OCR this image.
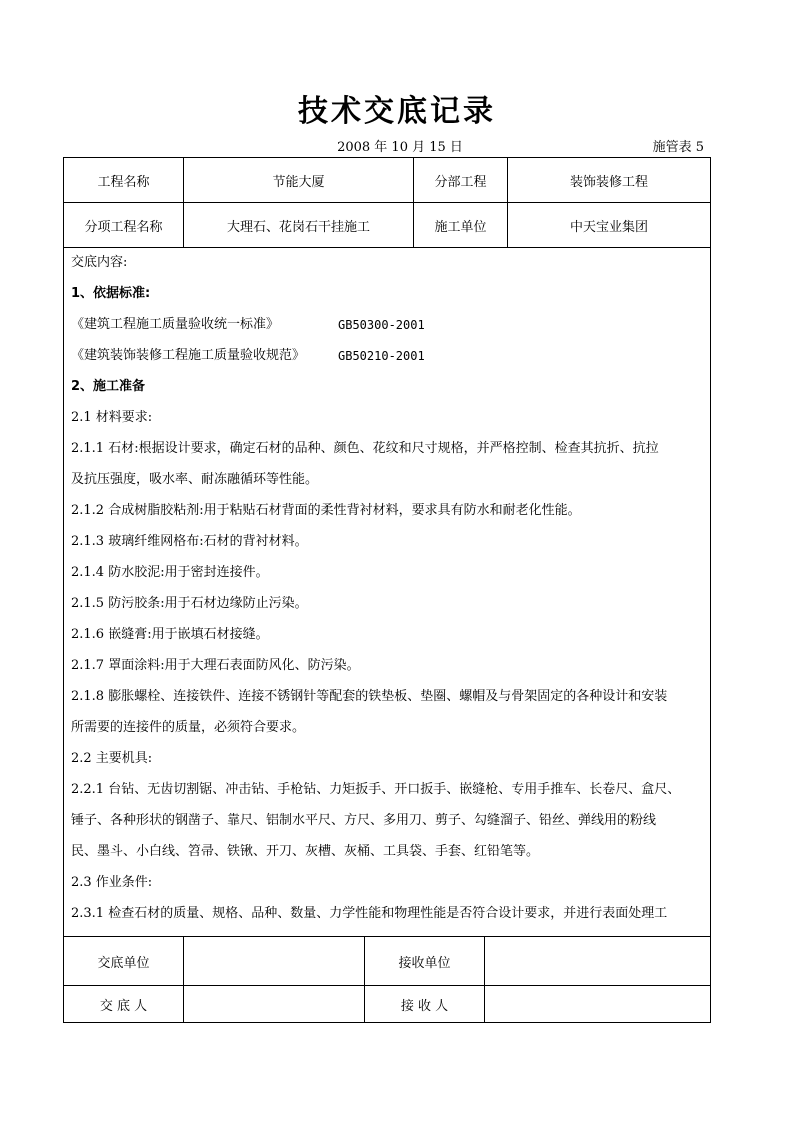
技术交底记录
2008 年 10 月 15 日	施管表 5
工程名称	节能大厦	分部工程	装饰装修工程
分项工程名称	大理石、花岗石干挂施工	施工单位	中天宝业集团
交底内容:
1、依据标准:
《建筑工程施工质量验收统一标准》	GB50300-2001
《建筑装饰装修工程施工质量验收规范》	GB50210-2001
2、施工准备
2.1 材料要求:
2.1.1 石材:根据设计要求，确定石材的品种、颜色、花纹和尺寸规格，并严格控制、检查其抗折、抗拉
及抗压强度，吸水率、耐冻融循环等性能。
2.1.2 合成树脂胶粘剂:用于粘贴石材背面的柔性背衬材料，要求具有防水和耐老化性能。
2.1.3 玻璃纤维网格布:石材的背衬材料。
2.1.4 防水胶泥:用于密封连接件。
2.1.5 防污胶条:用于石材边缘防止污染。
2.1.6 嵌缝膏:用于嵌填石材接缝。
2.1.7 罩面涂料:用于大理石表面防风化、防污染。
2.1.8 膨胀螺栓、连接铁件、连接不锈钢针等配套的铁垫板、垫圈、螺帽及与骨架固定的各种设计和安装
所需要的连接件的质量，必须符合要求。
2.2 主要机具:
2.2.1 台钻、无齿切割锯、冲击钻、手枪钻、力矩扳手、开口扳手、嵌缝枪、专用手推车、长卷尺、盒尺、
锤子、各种形状的钢凿子、靠尺、铝制水平尺、方尺、多用刀、剪子、勾缝溜子、铅丝、弹线用的粉线
民、墨斗、小白线、笤帚、铁锹、开刀、灰槽、灰桶、工具袋、手套、红铅笔等。
2.3 作业条件:
2.3.1 检查石材的质量、规格、品种、数量、力学性能和物理性能是否符合设计要求，并进行表面处理工
交底单位	接收单位
交 底 人	接 收 人
